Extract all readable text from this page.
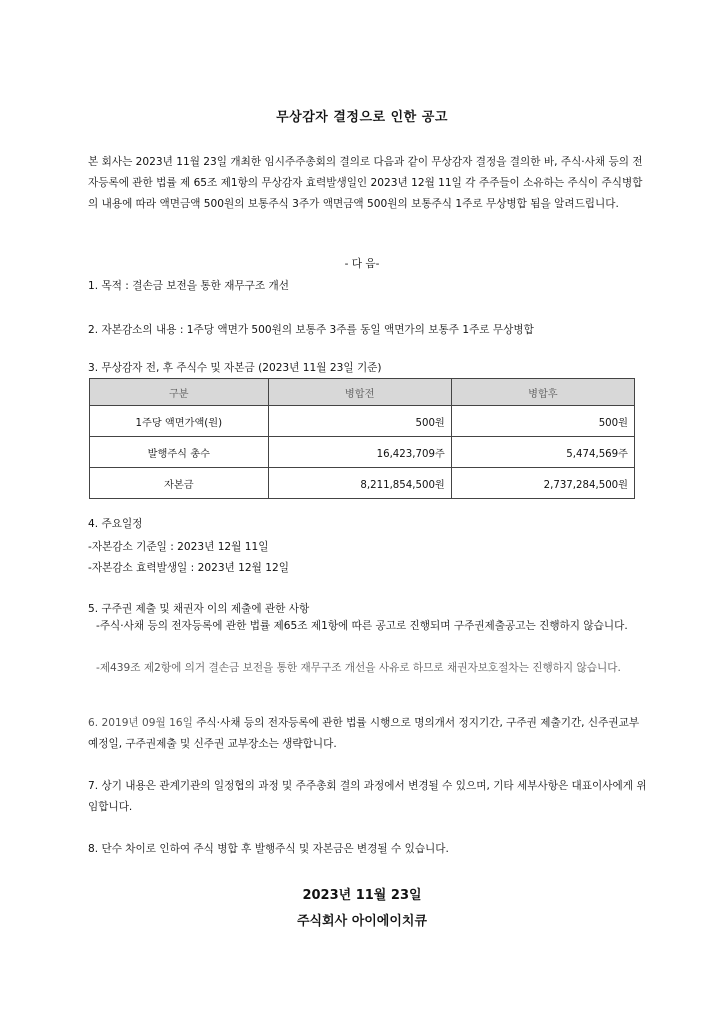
무상감자 결정으로 인한 공고
본 회사는 2023년 11월 23일 개최한 임시주주총회의 결의로 다음과 같이 무상감자 결정을 결의한 바, 주식·사채 등의 전자등록에 관한 법률 제 65조 제1항의 무상감자 효력발생일인 2023년 12월 11일 각 주주들이 소유하는 주식이 주식병합의 내용에 따라 액면금액 500원의 보통주식 3주가 액면금액 500원의 보통주식 1주로 무상병합 됨을 알려드립니다.
- 다 음-
1. 목적 : 결손금 보전을 통한 재무구조 개선
2. 자본감소의 내용 : 1주당 액면가 500원의 보통주 3주를 동일 액면가의 보통주 1주로 무상병합
3. 무상감자 전, 후 주식수 및 자본금 (2023년 11월 23일 기준)
구분	병합전	병합후
1주당 액면가액(원)	500원	500원
발행주식 총수	16,423,709주	5,474,569주
자본금	8,211,854,500원	2,737,284,500원
4. 주요일정
-자본감소 기준일 : 2023년 12월 11일
-자본감소 효력발생일 : 2023년 12월 12일
5. 구주권 제출 및 채권자 이의 제출에 관한 사항
-주식·사채 등의 전자등록에 관한 법률 제65조 제1항에 따른 공고로 진행되며 구주권제출공고는 진행하지 않습니다.
-제439조 제2항에 의거 결손금 보전을 통한 재무구조 개선을 사유로 하므로 채권자보호절차는 진행하지 않습니다.
6. 2019년 09월 16일 주식·사채 등의 전자등록에 관한 법률 시행으로 명의개서 정지기간, 구주권 제출기간, 신주권교부예정일, 구주권제출 및 신주권 교부장소는 생략합니다.
7. 상기 내용은 관계기관의 일정협의 과정 및 주주총회 결의 과정에서 변경될 수 있으며, 기타 세부사항은 대표이사에게 위임합니다.
8. 단수 차이로 인하여 주식 병합 후 발행주식 및 자본금은 변경될 수 있습니다.
2023년 11월 23일
주식회사 아이에이치큐
